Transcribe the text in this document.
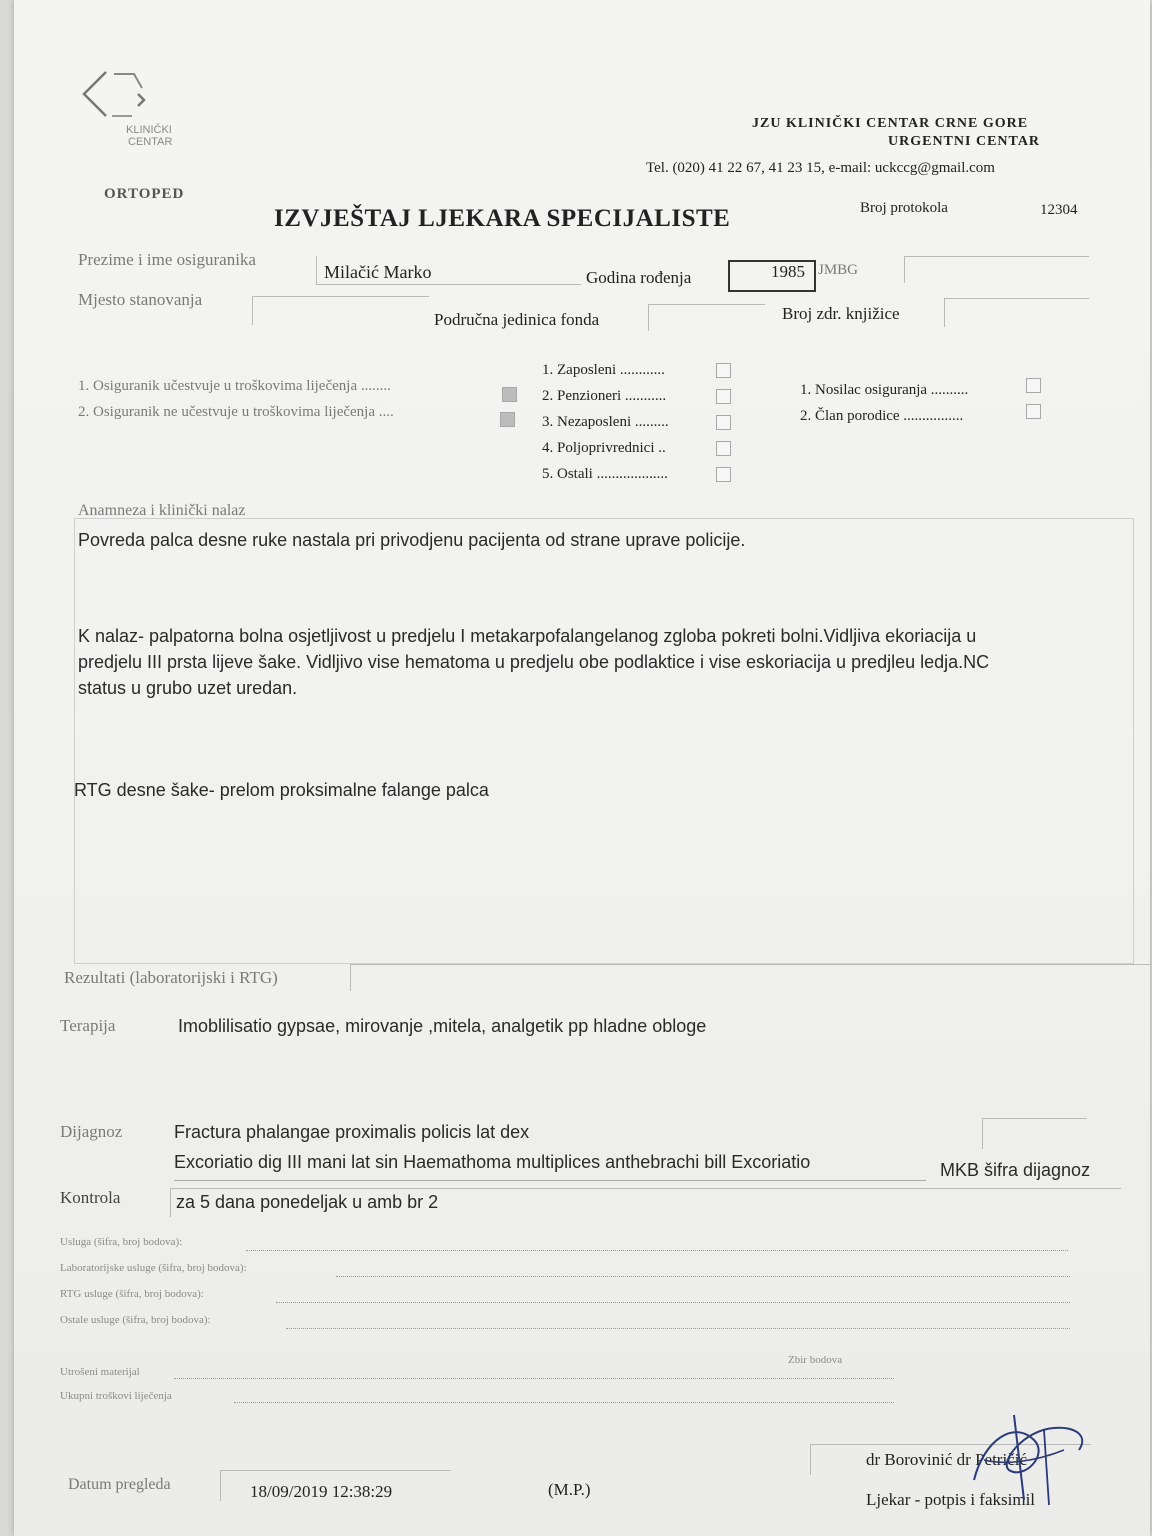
KLINIČKI
CENTAR
JZU KLINIČKI CENTAR CRNE GORE
URGENTNI CENTAR
Tel. (020) 41 22 67, 41 23 15, e-mail: uckccg@gmail.com
ORTOPED
IZVJEŠTAJ LJEKARA SPECIJALISTE	Broj protokola	12304
Prezime i ime osiguranika
Milačić Marko	Godina rođenja	1985 JMBG
Mjesto stanovanja
Područna jedinica fonda	Broj zdr. knjižice
1. Osiguranik učestvuje u troškovima liječenja ........
2. Osiguranik ne učestvuje u troškovima liječenja ....
1. Zaposleni ............
2. Penzioneri ...........
3. Nezaposleni .........
4. Poljoprivrednici ..
5. Ostali ...................
1. Nosilac osiguranja ..........
2. Član porodice ................
Anamneza i klinički nalaz
Povreda palca desne ruke nastala pri privodjenu pacijenta od strane uprave policije.
K nalaz- palpatorna bolna osjetljivost u predjelu I metakarpofalangelanog zgloba pokreti bolni.Vidljiva ekoriacija u
predjelu III prsta lijeve šake. Vidljivo vise hematoma u predjelu obe podlaktice i vise eskoriacija u predjleu ledja.NC
status u grubo uzet uredan.
RTG desne šake- prelom proksimalne falange palca
Rezultati (laboratorijski i RTG)
Terapija	Imoblilisatio gypsae, mirovanje ,mitela, analgetik pp hladne obloge
Dijagnoz	Fractura phalangae proximalis policis lat dex
Excoriatio dig III mani lat sin Haemathoma multiplices anthebrachi bill Excoriatio	MKB šifra dijagnoz
Kontrola	za 5 dana ponedeljak u amb br 2
Usluga (šifra, broj bodova):
Laboratorijske usluge (šifra, broj bodova):
RTG usluge (šifra, broj bodova):
Ostale usluge (šifra, broj bodova):
Utrošeni materijal
Zbir bodova
Ukupni troškovi liječenja
Datum pregleda	18/09/2019 12:38:29	(M.P.)
dr Borovinić dr Petričić
Ljekar - potpis i faksimil
